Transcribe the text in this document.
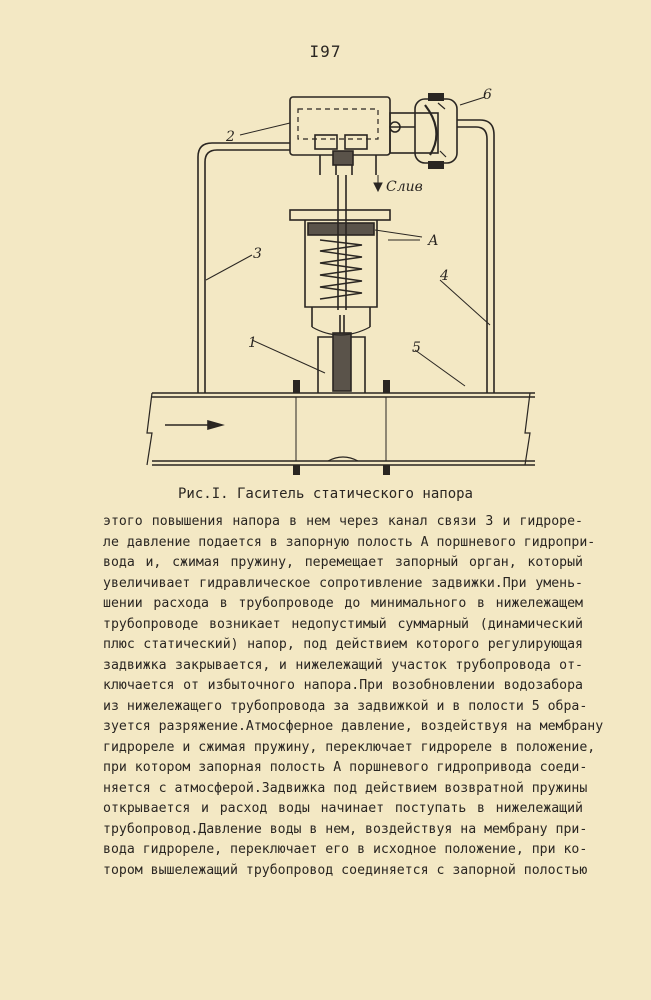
I97
2
3
4
1	5
6
А
Слив
Рис.I. Гаситель статического напора
этого повышения напора в нем через канал связи 3 и гидроре-
ле давление подается в запорную полость А поршневого гидропри-
вода и, сжимая пружину, перемещает запорный орган, который
увеличивает гидравлическое сопротивление задвижки.При умень-
шении расхода в трубопроводе до минимального в нижележащем
трубопроводе возникает недопустимый суммарный (динамический
плюс статический) напор, под действием которого регулирующая
задвижка закрывается, и нижележащий участок трубопровода от-
ключается от избыточного напора.При возобновлении водозабора
из нижележащего трубопровода за задвижкой и в полости 5 обра-
зуется разряжение.Атмосферное давление, воздействуя на мембрану
гидрореле и сжимая пружину, переключает гидрореле в положение,
при котором запорная полость А поршневого гидропривода соеди-
няется с атмосферой.Задвижка под действием возвратной пружины
открывается и расход воды начинает поступать в нижележащий
трубопровод.Давление воды в нем, воздействуя на мембрану при-
вода гидрореле, переключает его в исходное положение, при ко-
тором вышележащий трубопровод соединяется с запорной полостью
